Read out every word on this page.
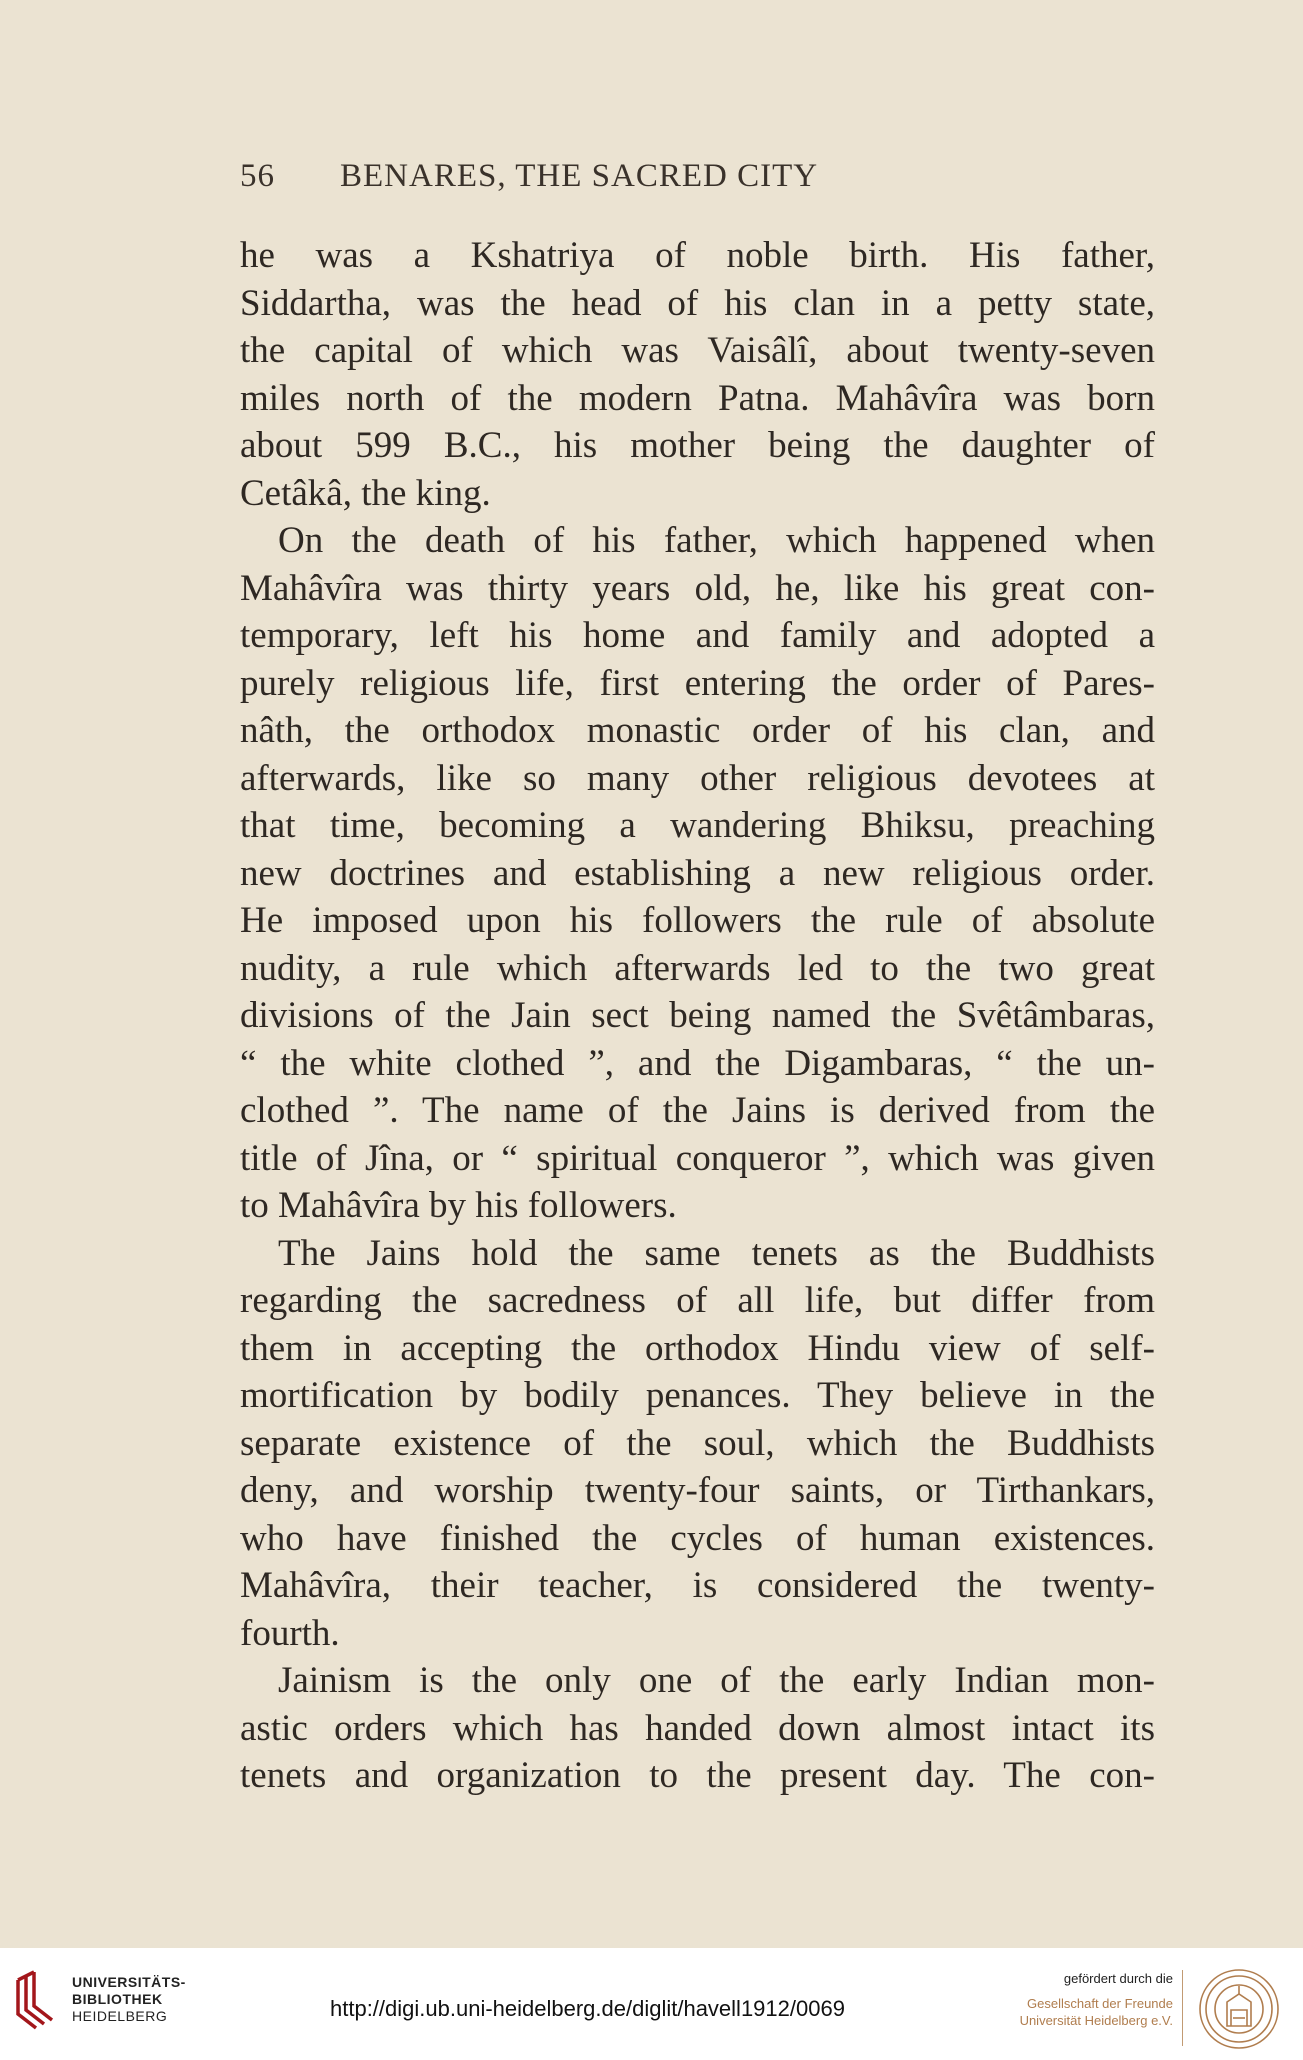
56 BENARES, THE SACRED CITY
he was a Kshatriya of noble birth. His father,
Siddartha, was the head of his clan in a petty state,
the capital of which was Vaisâlî, about twenty-seven
miles north of the modern Patna. Mahâvîra was born
about 599 B.C., his mother being the daughter of
Cetâkâ, the king.
On the death of his father, which happened when
Mahâvîra was thirty years old, he, like his great con-
temporary, left his home and family and adopted a
purely religious life, first entering the order of Pares-
nâth, the orthodox monastic order of his clan, and
afterwards, like so many other religious devotees at
that time, becoming a wandering Bhiksu, preaching
new doctrines and establishing a new religious order.
He imposed upon his followers the rule of absolute
nudity, a rule which afterwards led to the two great
divisions of the Jain sect being named the Svêtâmbaras,
“ the white clothed ”, and the Digambaras, “ the un-
clothed ”. The name of the Jains is derived from the
title of Jîna, or “ spiritual conqueror ”, which was given
to Mahâvîra by his followers.
The Jains hold the same tenets as the Buddhists
regarding the sacredness of all life, but differ from
them in accepting the orthodox Hindu view of self-
mortification by bodily penances. They believe in the
separate existence of the soul, which the Buddhists
deny, and worship twenty-four saints, or Tirthankars,
who have finished the cycles of human existences.
Mahâvîra, their teacher, is considered the twenty-
fourth.
Jainism is the only one of the early Indian mon-
astic orders which has handed down almost intact its
tenets and organization to the present day. The con-
UNIVERSITÄTS-
BIBLIOTHEK
HEIDELBERG	http://digi.ub.uni-heidelberg.de/diglit/havell1912/0069
gefördert durch die
Gesellschaft der Freunde
Universität Heidelberg e.V.
